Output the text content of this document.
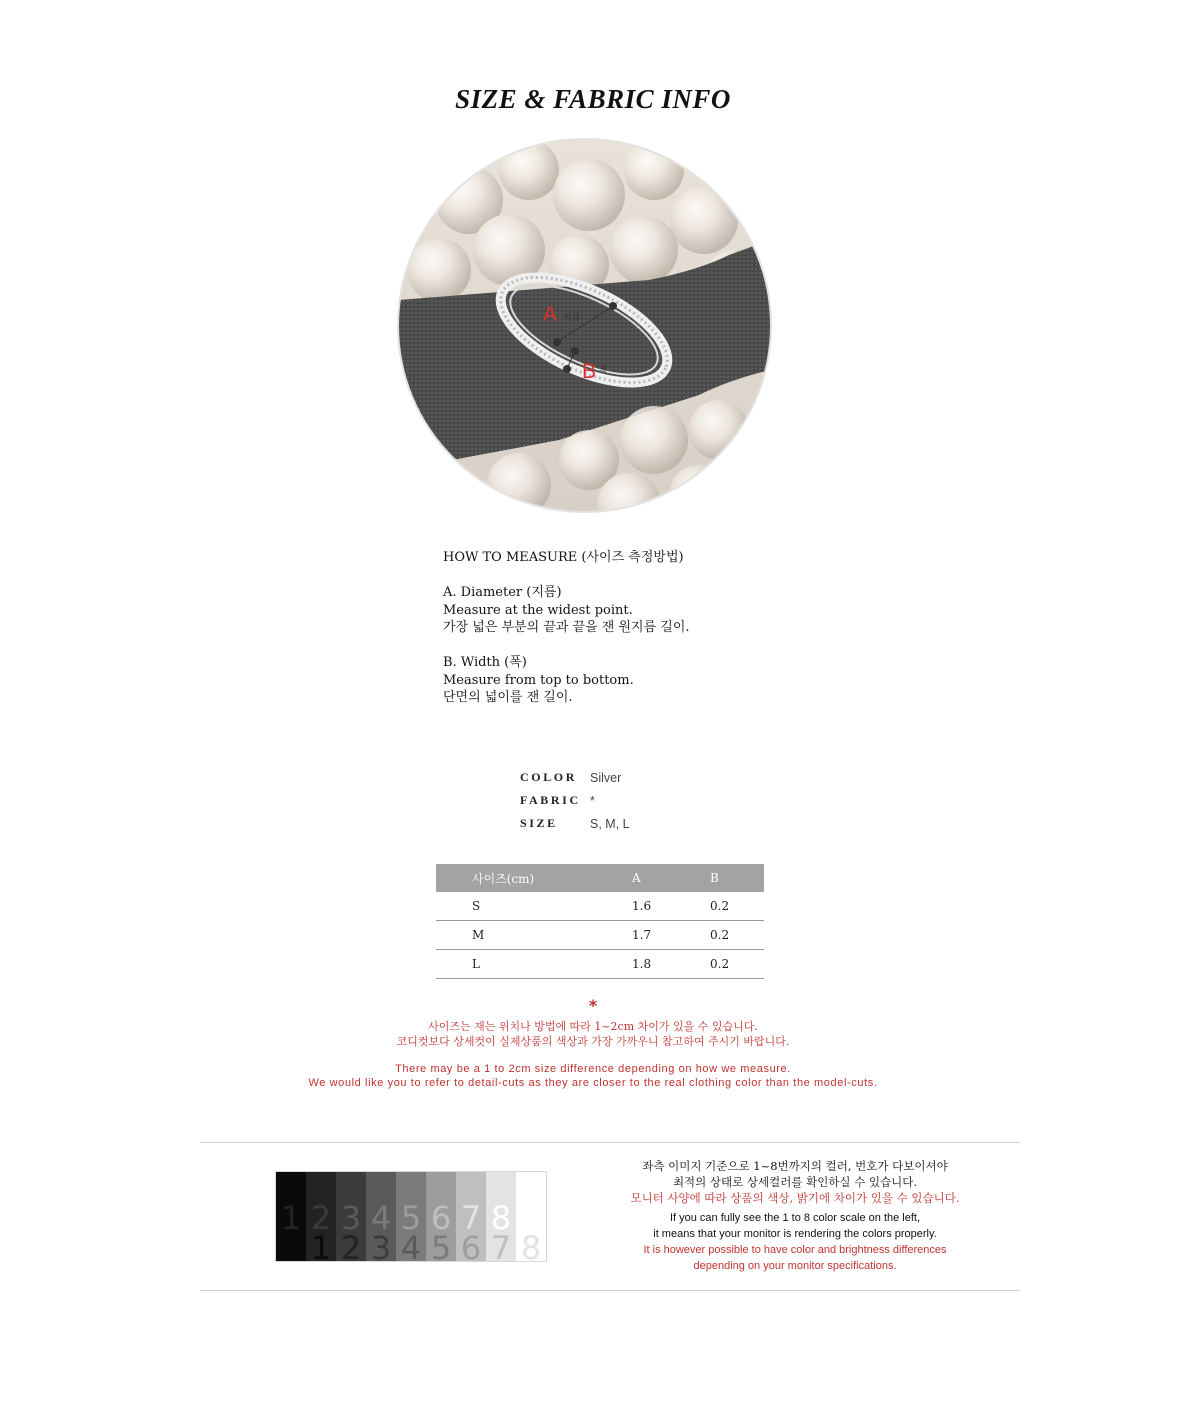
SIZE & FABRIC INFO
A 지름
B 폭
HOW TO MEASURE (사이즈 측정방법)
A. Diameter (지름)
Measure at the widest point.
가장 넓은 부분의 끝과 끝을 잰 원지름 길이.
B. Width (폭)
Measure from top to bottom.
단면의 넓이를 잰 길이.
COLOR	Silver
FABRIC *
SIZE	S, M, L
사이즈(cm)	A	B
S	1.6	0.2
M	1.7	0.2
L	1.8	0.2
*
사이즈는 재는 위치나 방법에 따라 1~2cm 차이가 있을 수 있습니다.
코디컷보다 상세컷이 실제상품의 색상과 가장 가까우니 참고하여 주시기 바랍니다.
There may be a 1 to 2cm size difference depending on how we measure.
We would like you to refer to detail-cuts as they are closer to the real clothing color than the model-cuts.
1 2
1
3
2
4
3
5
4
6
5
7
6
8
7 8
좌측 이미지 기준으로 1~8번까지의 컬러, 번호가 다보이셔야
최적의 상태로 상세컬러를 확인하실 수 있습니다.
모니터 사양에 따라 상품의 색상, 밝기에 차이가 있을 수 있습니다.
If you can fully see the 1 to 8 color scale on the left,
it means that your monitor is rendering the colors properly.
It is however possible to have color and brightness differences
depending on your monitor specifications.
